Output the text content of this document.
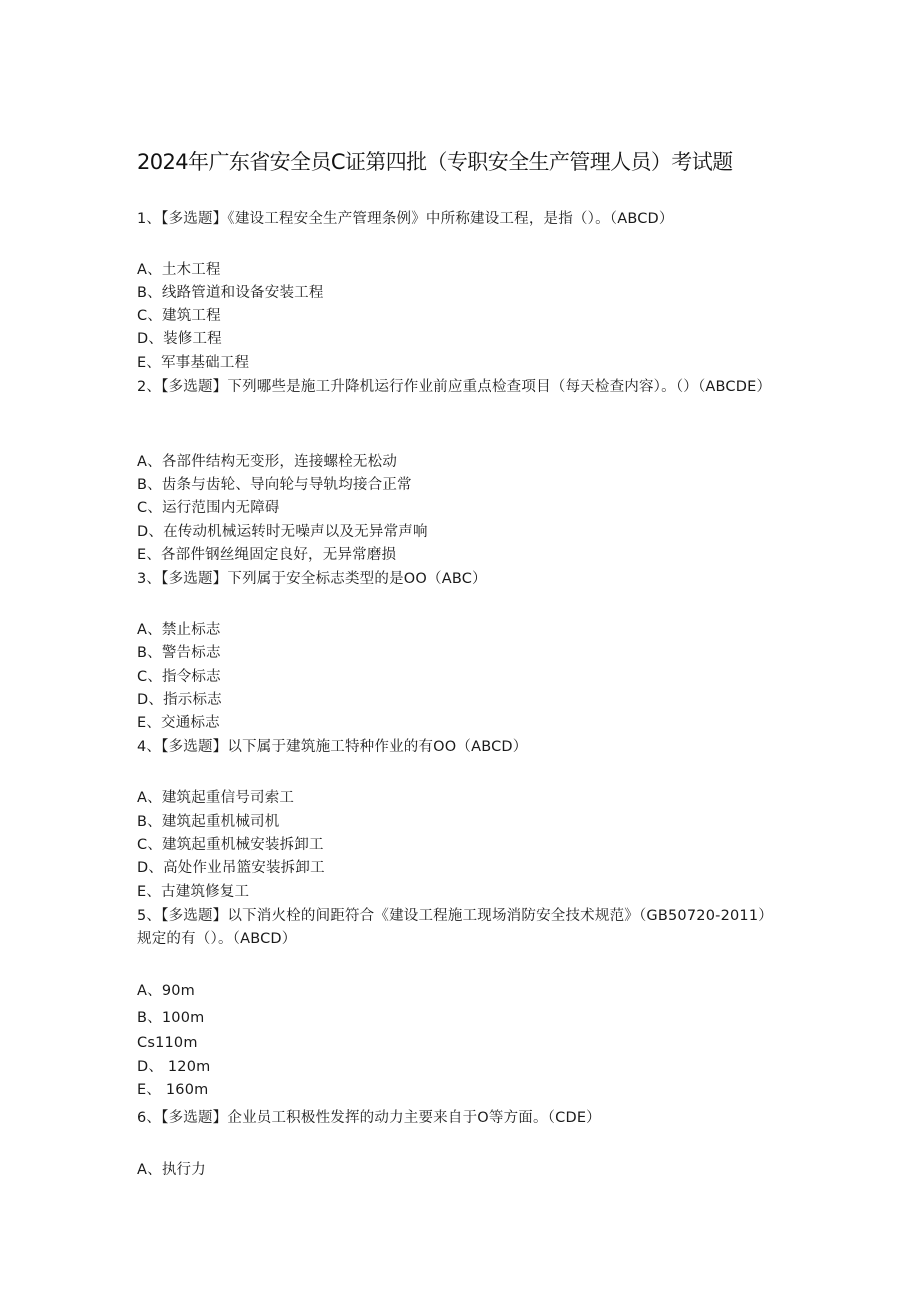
2024年广东省安全员C证第四批（专职安全生产管理人员）考试题
1、【多选题】《建设工程安全生产管理条例》中所称建设工程，是指（）。（ABCD）
A、土木工程
B、线路管道和设备安装工程
C、建筑工程
D、装修工程
E、军事基础工程
2、【多选题】下列哪些是施工升降机运行作业前应重点检查项目（每天检查内容）。（）（ABCDE）
A、各部件结构无变形，连接螺栓无松动
B、齿条与齿轮、导向轮与导轨均接合正常
C、运行范围内无障碍
D、在传动机械运转时无噪声以及无异常声响
E、各部件钢丝绳固定良好，无异常磨损
3、【多选题】下列属于安全标志类型的是OO（ABC）
A、禁止标志
B、警告标志
C、指令标志
D、指示标志
E、交通标志
4、【多选题】以下属于建筑施工特种作业的有OO（ABCD）
A、建筑起重信号司索工
B、建筑起重机械司机
C、建筑起重机械安装拆卸工
D、高处作业吊篮安装拆卸工
E、古建筑修复工
5、【多选题】以下消火栓的间距符合《建设工程施工现场消防安全技术规范》（GB50720-2011）规定的有（）。（ABCD）
A、90m
B、100m
Cs110m
D、 120m
E、 160m
6、【多选题】企业员工积极性发挥的动力主要来自于O等方面。（CDE）
A、执行力
